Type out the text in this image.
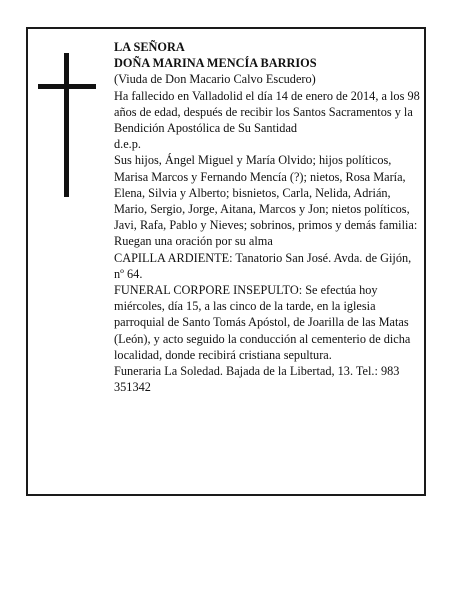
LA SEÑORA

DOÑA MARINA MENCÍA BARRIOS

(Viuda de Don Macario Calvo Escudero)

Ha fallecido en Valladolid el día 14 de enero de 2014, a los 98 años de edad, después de recibir los Santos Sacramentos y la Bendición Apostólica de Su Santidad

d.e.p.

Sus hijos, Ángel Miguel y María Olvido; hijos políticos, Marisa Marcos y Fernando Mencía (?); nietos, Rosa María, Elena, Silvia y Alberto; bisnietos, Carla, Nelida, Adrián, Mario, Sergio, Jorge, Aitana, Marcos y Jon; nietos políticos, Javi, Rafa, Pablo y Nieves; sobrinos, primos y demás familia:

Ruegan una oración por su alma

CAPILLA ARDIENTE: Tanatorio San José. Avda. de Gijón, nº 64.

FUNERAL CORPORE INSEPULTO: Se efectúa hoy miércoles, día 15, a las cinco de la tarde, en la iglesia parroquial de Santo Tomás Apóstol, de Joarilla de las Matas (León), y acto seguido la conducción al cementerio de dicha localidad, donde recibirá cristiana sepultura.

Funeraria La Soledad. Bajada de la Libertad, 13. Tel.: 983 351342
